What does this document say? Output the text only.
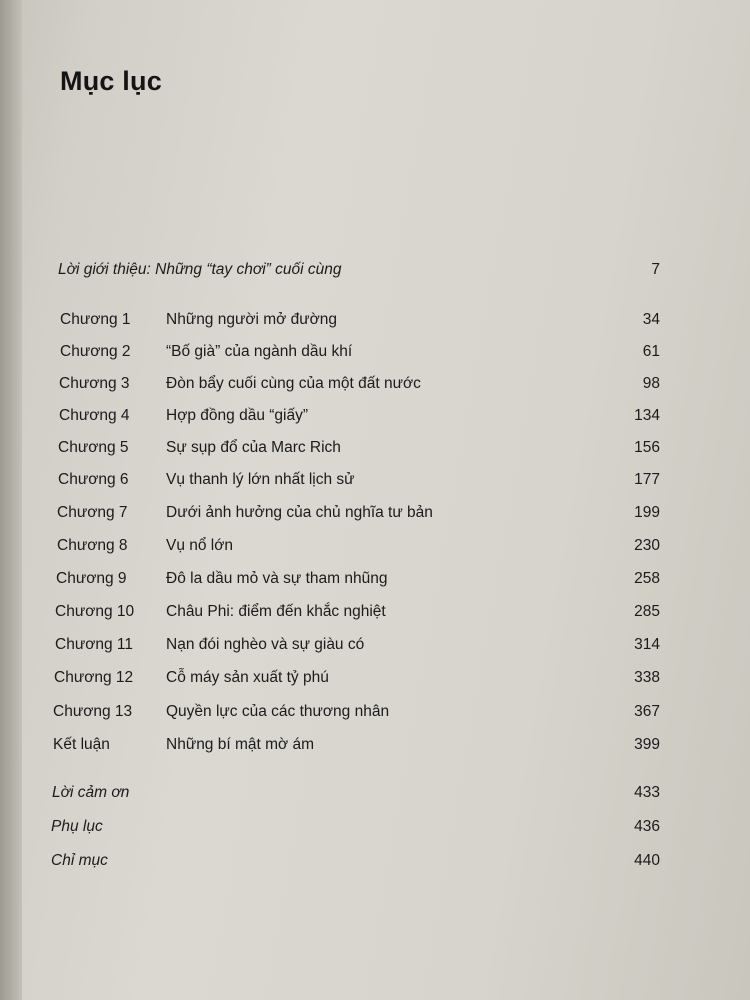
Mục lục
Lời giới thiệu: Những “tay chơi” cuối cùng	7
Chương 1 Những người mở đường	34
Chương 2 “Bố già” của ngành dầu khí	61
Chương 3 Đòn bẩy cuối cùng của một đất nước	98
Chương 4 Hợp đồng dầu “giấy”	134
Chương 5 Sự sụp đổ của Marc Rich	156
Chương 6 Vụ thanh lý lớn nhất lịch sử	177
Chương 7 Dưới ảnh hưởng của chủ nghĩa tư bản	199
Chương 8 Vụ nổ lớn	230
Chương 9	Đô la dầu mỏ và sự tham nhũng	258
Chương 10 Châu Phi: điểm đến khắc nghiệt	285
Chương 11 Nạn đói nghèo và sự giàu có	314
Chương 12 Cỗ máy sản xuất tỷ phú	338
Chương 13 Quyền lực của các thương nhân	367
Kết luận	Những bí mật mờ ám	399
Lời cảm ơn	433
Phụ lục	436
Chỉ mục	440
